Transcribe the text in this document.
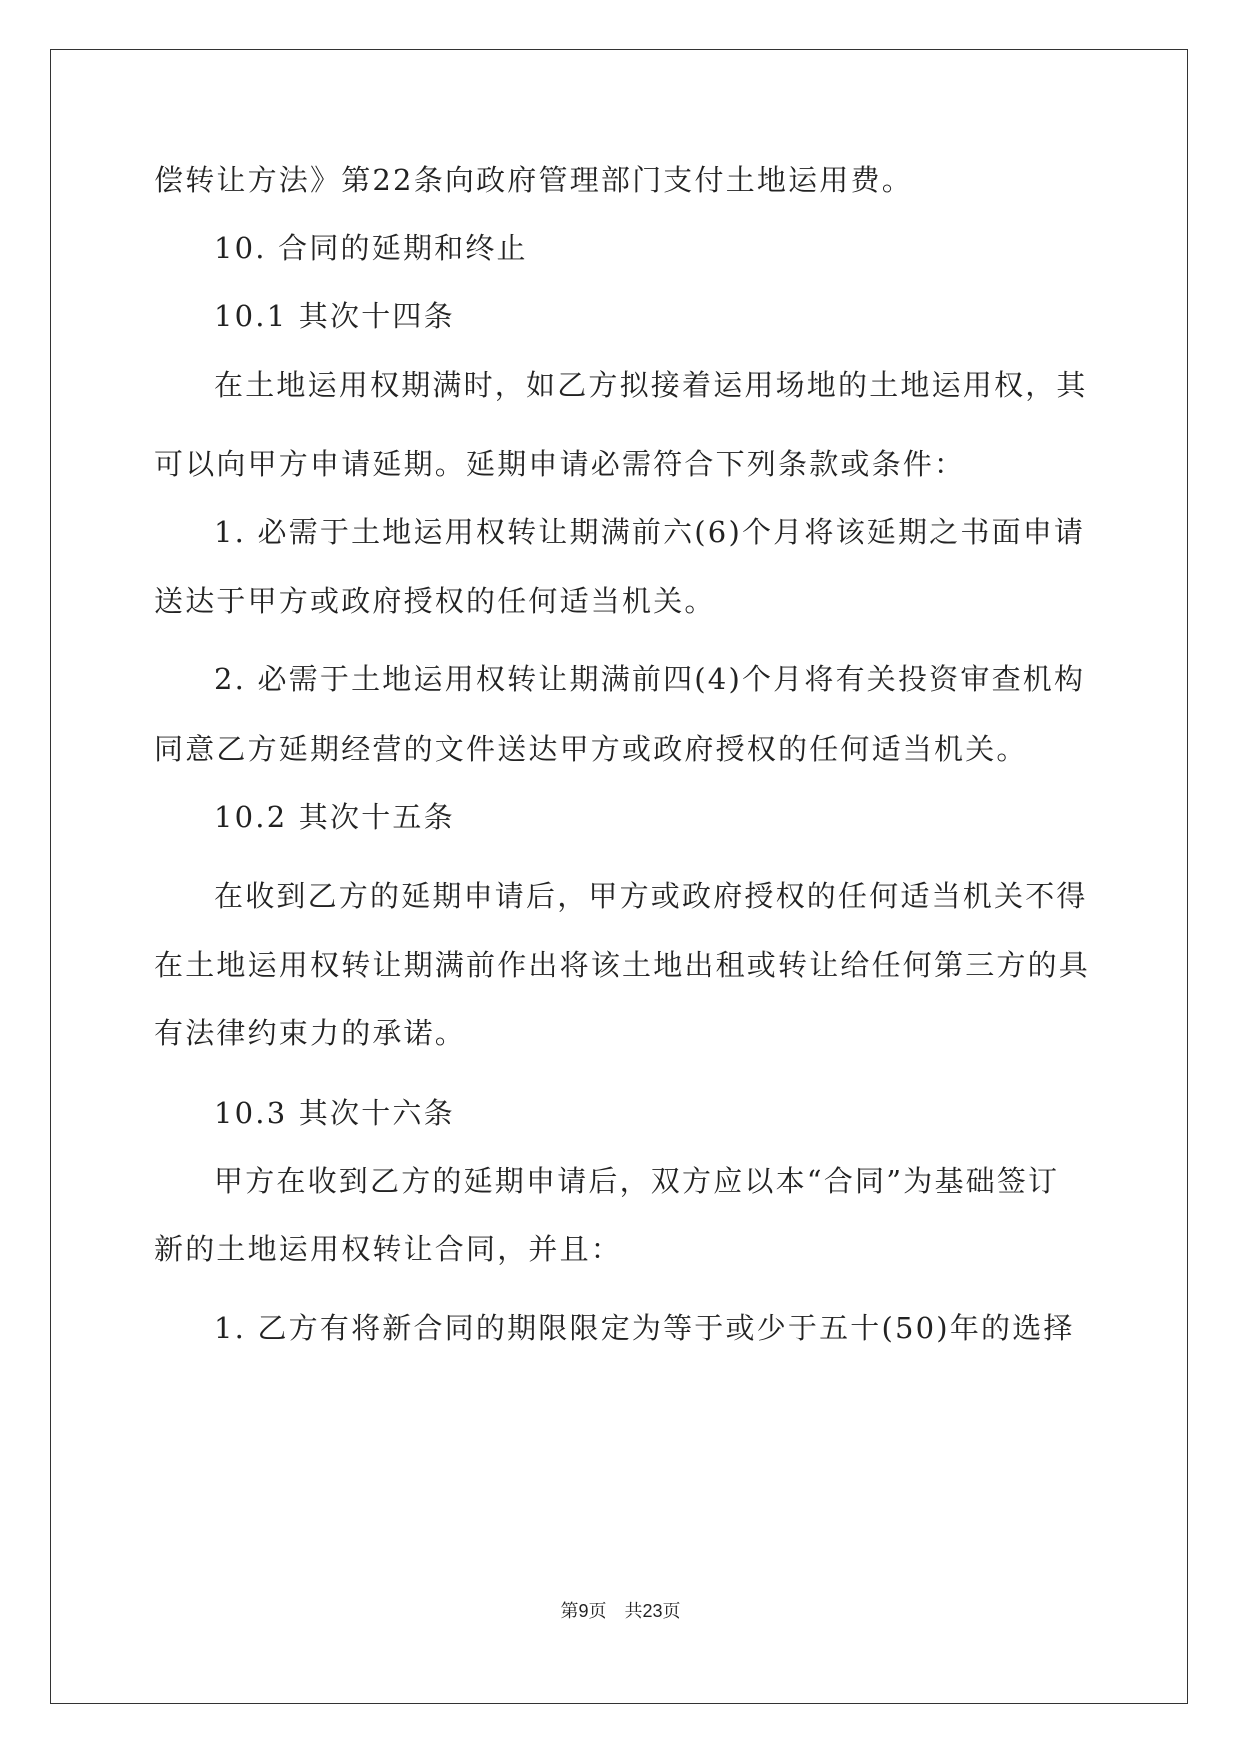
偿转让方法》第22条向政府管理部门支付土地运用费。
10. 合同的延期和终止
10.1 其次十四条
在土地运用权期满时，如乙方拟接着运用场地的土地运用权，其
可以向甲方申请延期。延期申请必需符合下列条款或条件：
1. 必需于土地运用权转让期满前六(6)个月将该延期之书面申请
送达于甲方或政府授权的任何适当机关。
2. 必需于土地运用权转让期满前四(4)个月将有关投资审查机构
同意乙方延期经营的文件送达甲方或政府授权的任何适当机关。
10.2 其次十五条
在收到乙方的延期申请后，甲方或政府授权的任何适当机关不得
在土地运用权转让期满前作出将该土地出租或转让给任何第三方的具
有法律约束力的承诺。
10.3 其次十六条
甲方在收到乙方的延期申请后，双方应以本“合同”为基础签订
新的土地运用权转让合同，并且：
1. 乙方有将新合同的期限限定为等于或少于五十(50)年的选择
第9页 共23页
